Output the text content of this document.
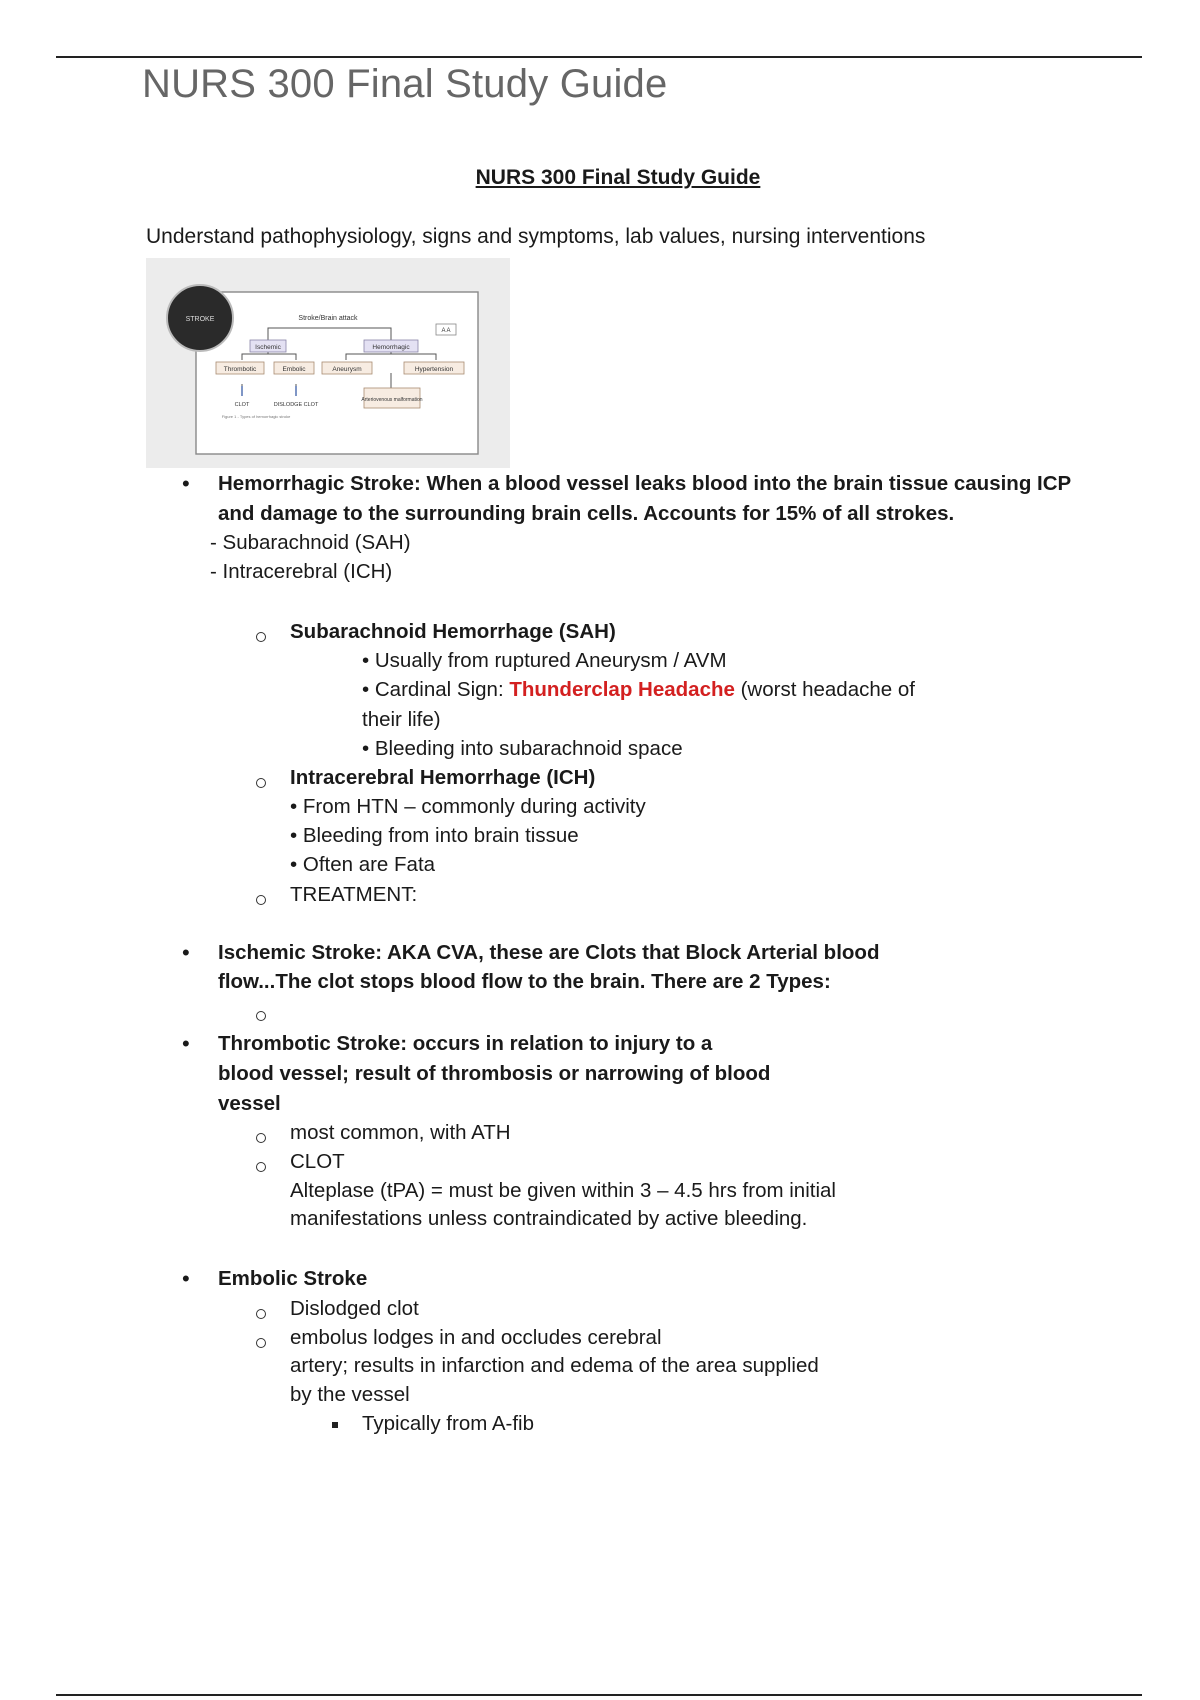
NURS 300 Final Study Guide
NURS 300 Final Study Guide
Understand pathophysiology, signs and symptoms, lab values, nursing interventions
STROKE	Stroke/Brain attack
A A
Ischemic	Hemorrhagic
Thrombotic	Embolic	Aneurysm	Hypertension
Arteriovenous malformation
CLOT	DISLODGE CLOT
Figure 1 - Types of hemorrhagic stroke
• Hemorrhagic Stroke: When a blood vessel leaks blood into the brain tissue causing ICP
and damage to the surrounding brain cells. Accounts for 15% of all strokes.
- Subarachnoid (SAH)
- Intracerebral (ICH)
Subarachnoid Hemorrhage (SAH)
• Usually from ruptured Aneurysm / AVM
• Cardinal Sign: Thunderclap Headache (worst headache of
their life)
• Bleeding into subarachnoid space
Intracerebral Hemorrhage (ICH)
• From HTN – commonly during activity
• Bleeding from into brain tissue
• Often are Fata
TREATMENT:
• Ischemic Stroke: AKA CVA, these are Clots that Block Arterial blood
flow...The clot stops blood flow to the brain. There are 2 Types:
• Thrombotic Stroke: occurs in relation to injury to a
blood vessel; result of thrombosis or narrowing of blood
vessel
most common, with ATH
CLOT
Alteplase (tPA) = must be given within 3 – 4.5 hrs from initial
manifestations unless contraindicated by active bleeding.
• Embolic Stroke
Dislodged clot
embolus lodges in and occludes cerebral
artery; results in infarction and edema of the area supplied
by the vessel
Typically from A-fib
